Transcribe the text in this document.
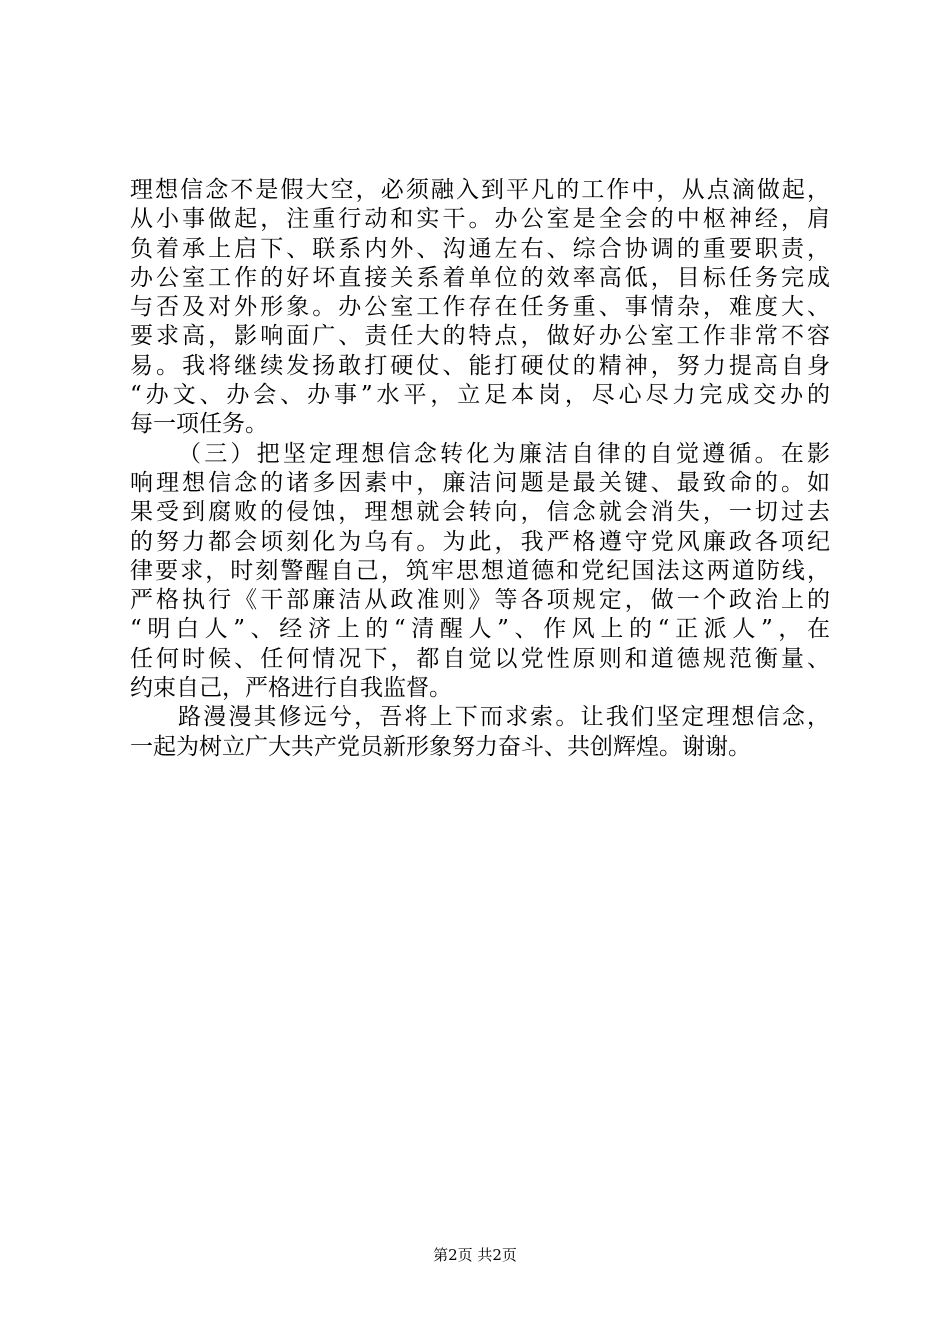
理想信念不是假大空，必须融入到平凡的工作中，从点滴做起，
从小事做起，注重行动和实干。办公室是全会的中枢神经，肩
负着承上启下、联系内外、沟通左右、综合协调的重要职责，
办公室工作的好坏直接关系着单位的效率高低，目标任务完成
与否及对外形象。办公室工作存在任务重、事情杂，难度大、
要求高，影响面广、责任大的特点，做好办公室工作非常不容
易。我将继续发扬敢打硬仗、能打硬仗的精神，努力提高自身
“办文、办会、办事”水平，立足本岗，尽心尽力完成交办的
每一项任务。
（三）把坚定理想信念转化为廉洁自律的自觉遵循。在影
响理想信念的诸多因素中，廉洁问题是最关键、最致命的。如
果受到腐败的侵蚀，理想就会转向，信念就会消失，一切过去
的努力都会顷刻化为乌有。为此，我严格遵守党风廉政各项纪
律要求，时刻警醒自己，筑牢思想道德和党纪国法这两道防线，
严格执行《干部廉洁从政准则》等各项规定，做一个政治上的
“明白人”、经济上的“清醒人”、作风上的“正派人”，在
任何时候、任何情况下，都自觉以党性原则和道德规范衡量、
约束自己，严格进行自我监督。
路漫漫其修远兮，吾将上下而求索。让我们坚定理想信念，
一起为树立广大共产党员新形象努力奋斗、共创辉煌。谢谢。
第2页 共2页
